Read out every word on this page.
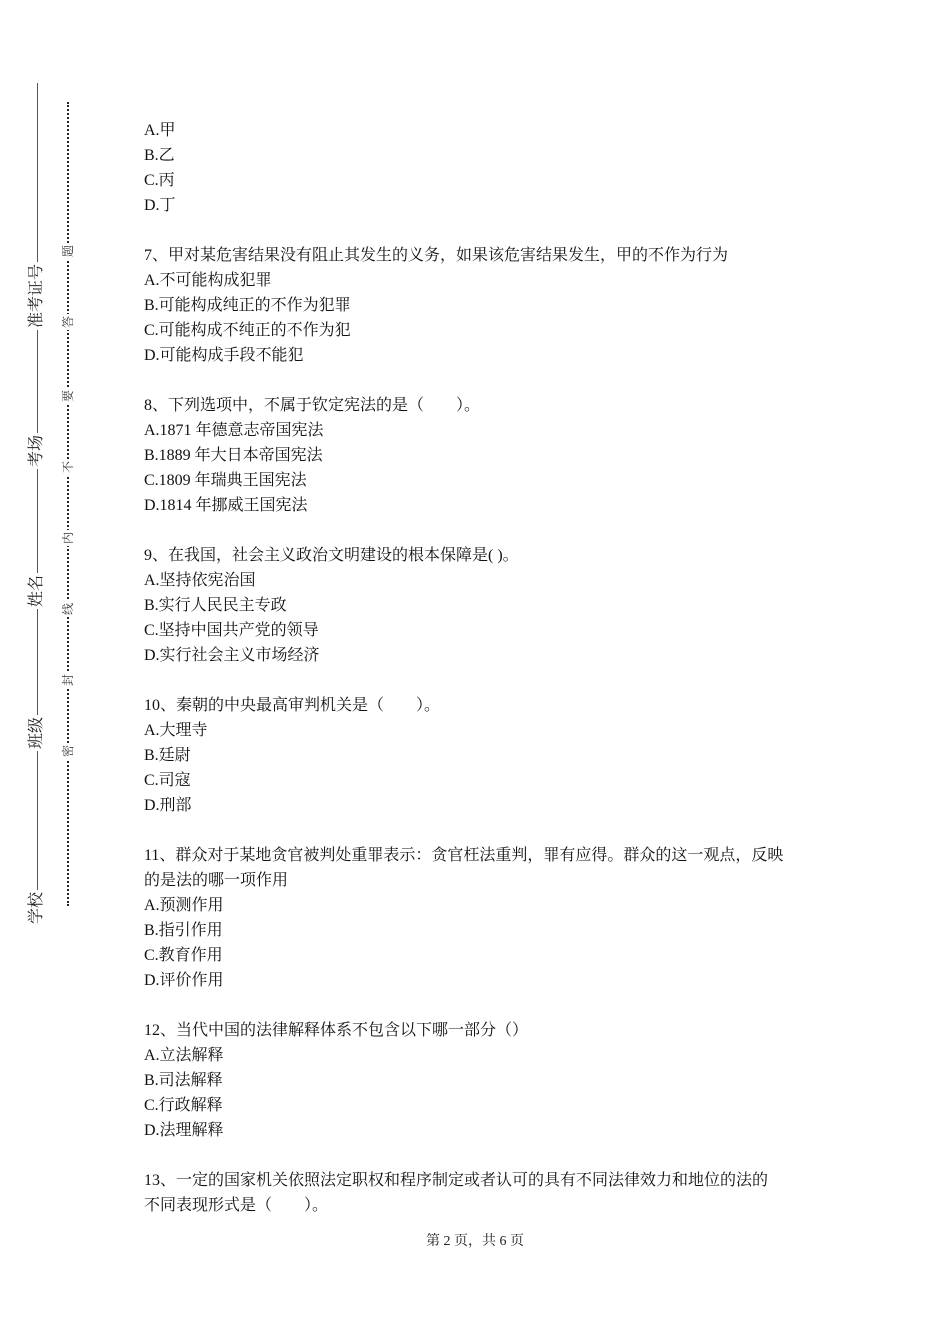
准考证号
考场
姓名
班级
学校
题
答
要
不
内
线
封
密
A.甲
B.乙
C.丙
D.丁
7、甲对某危害结果没有阻止其发生的义务，如果该危害结果发生，甲的不作为行为
A.不可能构成犯罪
B.可能构成纯正的不作为犯罪
C.可能构成不纯正的不作为犯
D.可能构成手段不能犯
8、下列选项中，不属于钦定宪法的是（　　）。
A.1871 年德意志帝国宪法
B.1889 年大日本帝国宪法
C.1809 年瑞典王国宪法
D.1814 年挪威王国宪法
9、在我国，社会主义政治文明建设的根本保障是( )。
A.坚持依宪治国
B.实行人民民主专政
C.坚持中国共产党的领导
D.实行社会主义市场经济
10、秦朝的中央最高审判机关是（　　）。
A.大理寺
B.廷尉
C.司寇
D.刑部
11、群众对于某地贪官被判处重罪表示：贪官枉法重判，罪有应得。群众的这一观点，反映
的是法的哪一项作用
A.预测作用
B.指引作用
C.教育作用
D.评价作用
12、当代中国的法律解释体系不包含以下哪一部分（）
A.立法解释
B.司法解释
C.行政解释
D.法理解释
13、一定的国家机关依照法定职权和程序制定或者认可的具有不同法律效力和地位的法的
不同表现形式是（　　）。
第 2 页，共 6 页
